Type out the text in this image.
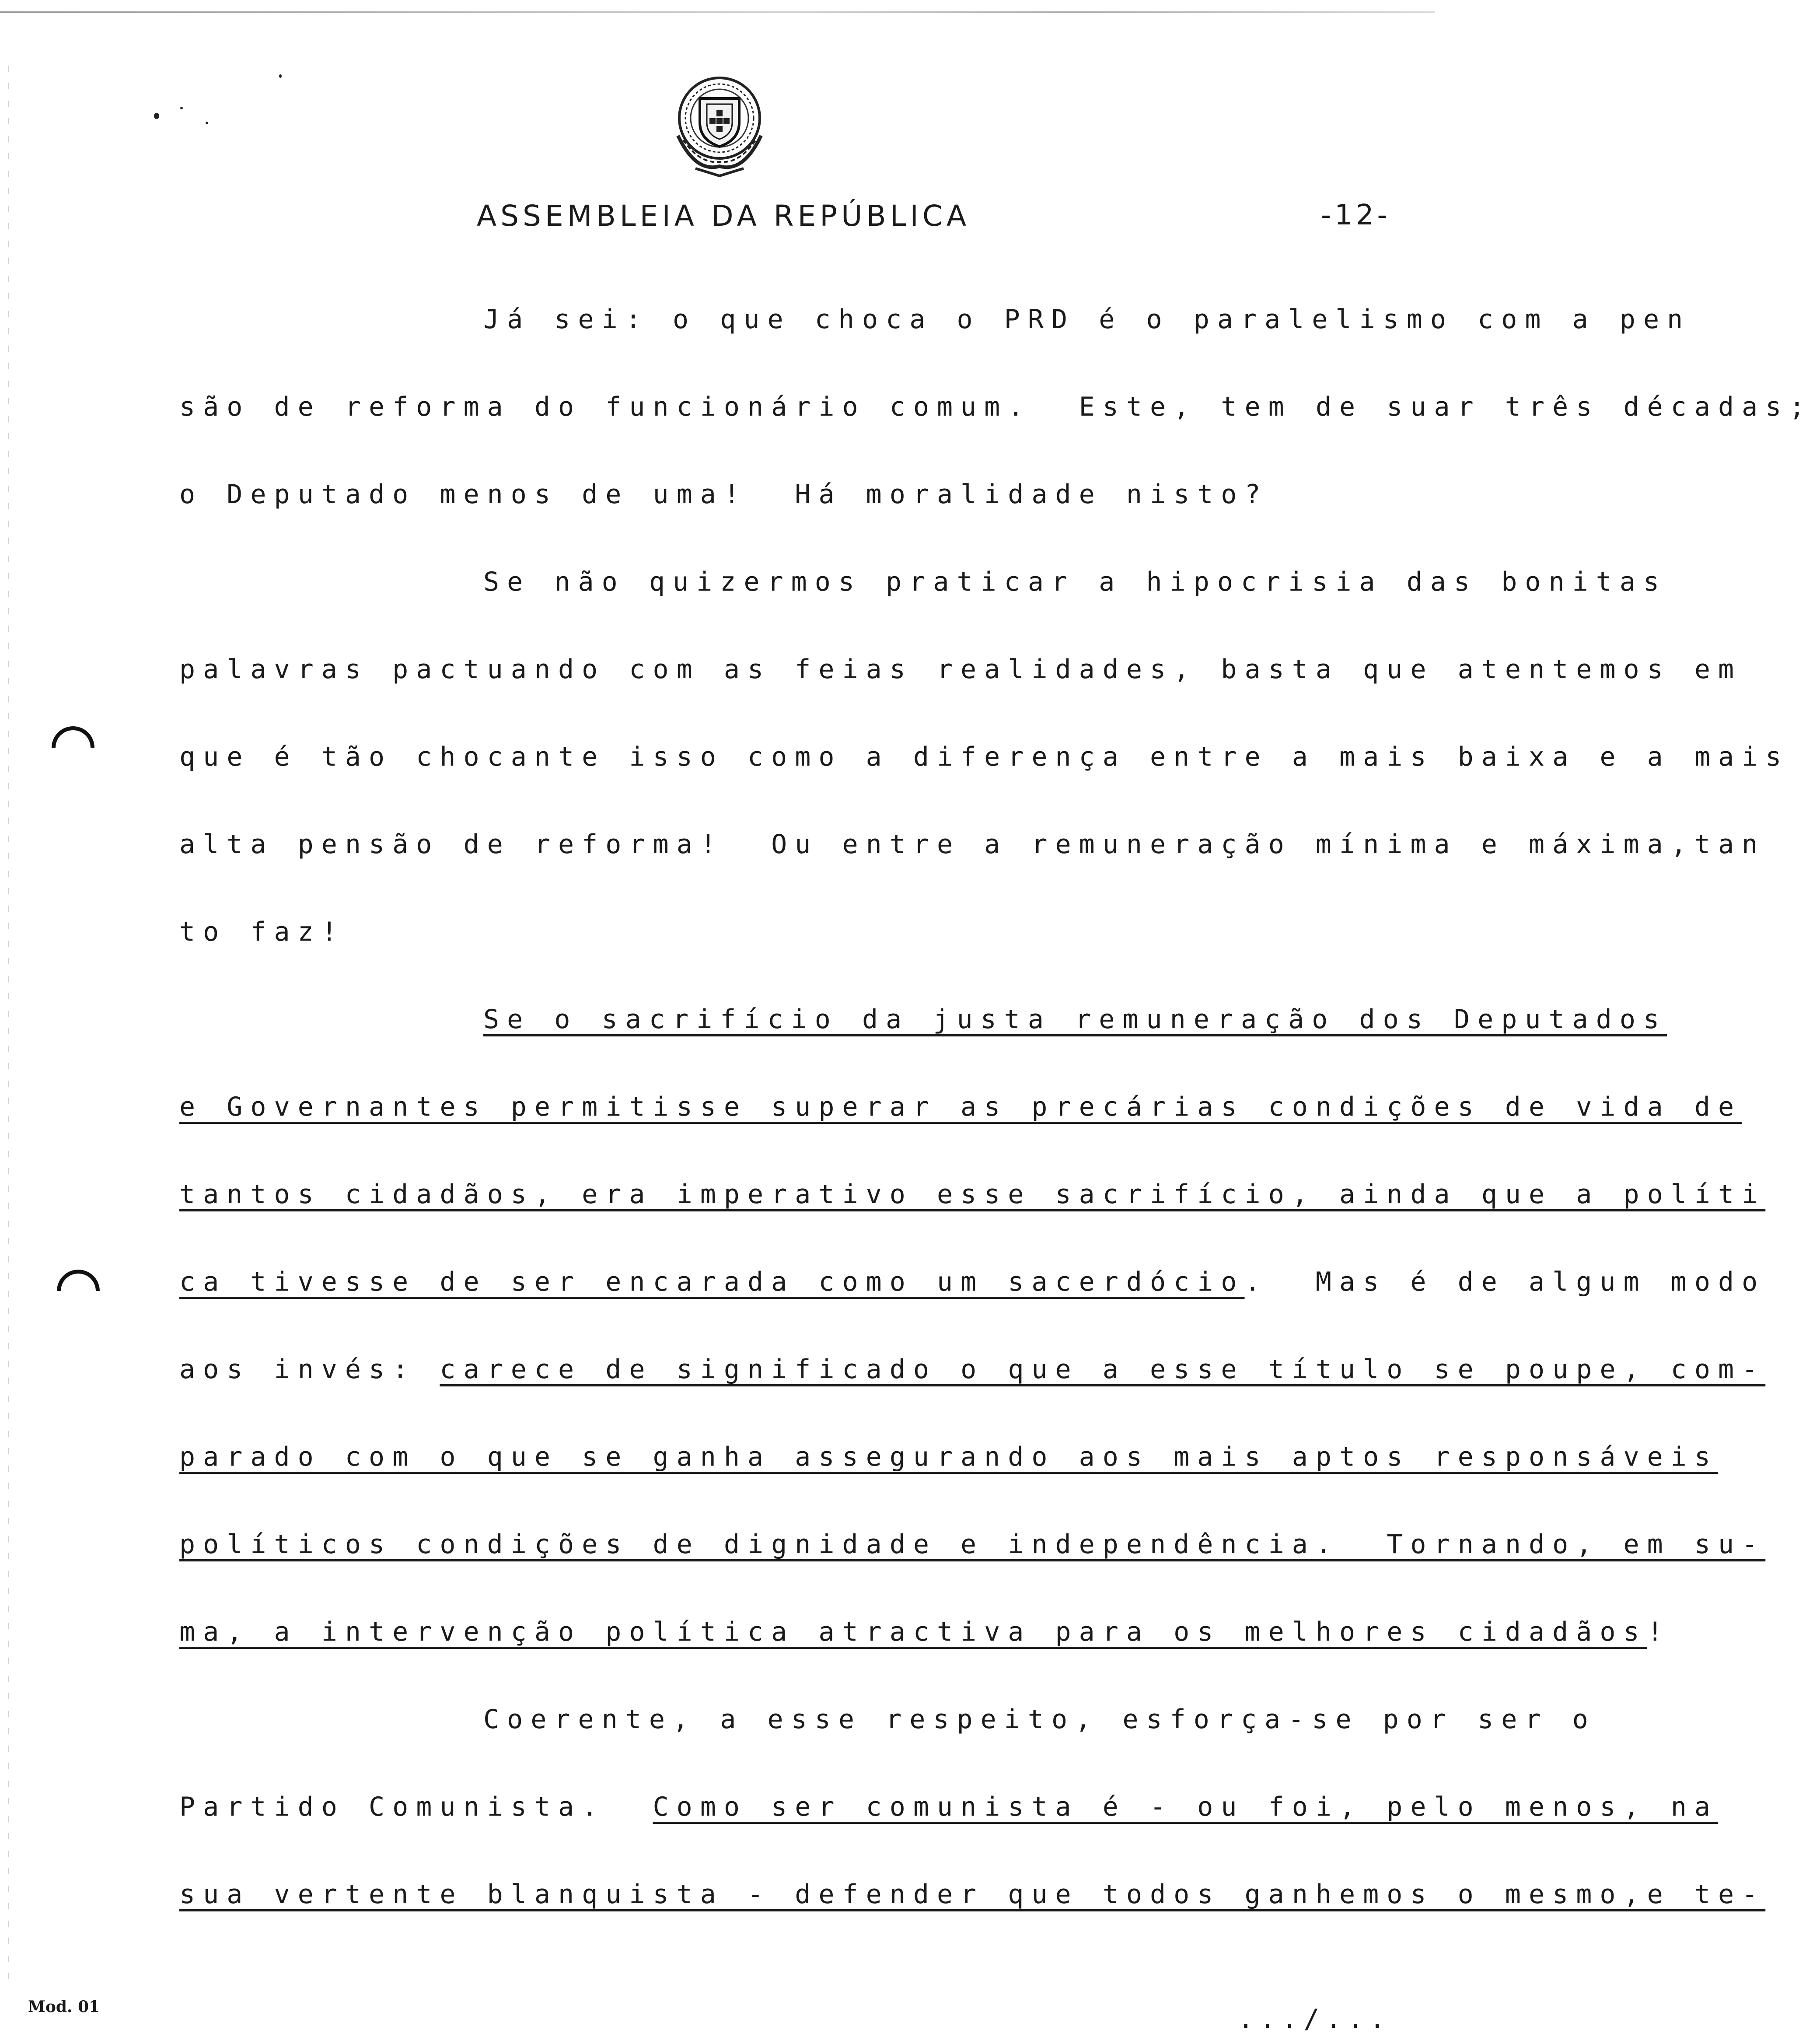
ASSEMBLEIA DA REPÚBLICA	-12-
Já sei: o que choca o PRD é o paralelismo com a pen
são de reforma do funcionário comum.  Este, tem de suar três décadas;
o Deputado menos de uma!  Há moralidade nisto?
Se não quizermos praticar a hipocrisia das bonitas
palavras pactuando com as feias realidades, basta que atentemos em
que é tão chocante isso como a diferença entre a mais baixa e a mais
alta pensão de reforma!  Ou entre a remuneração mínima e máxima,tan
to faz!
Se o sacrifício da justa remuneração dos Deputados
e Governantes permitisse superar as precárias condições de vida de
tantos cidadãos, era imperativo esse sacrifício, ainda que a políti
ca tivesse de ser encarada como um sacerdócio.  Mas é de algum modo
aos invés: carece de significado o que a esse título se poupe, com-
parado com o que se ganha assegurando aos mais aptos responsáveis
políticos condições de dignidade e independência.  Tornando, em su-
ma, a intervenção política atractiva para os melhores cidadãos!
Coerente, a esse respeito, esforça-se por ser o
Partido Comunista.  Como ser comunista é - ou foi, pelo menos, na
sua vertente blanquista - defender que todos ganhemos o mesmo,e te-
Mod. 01	.../...
